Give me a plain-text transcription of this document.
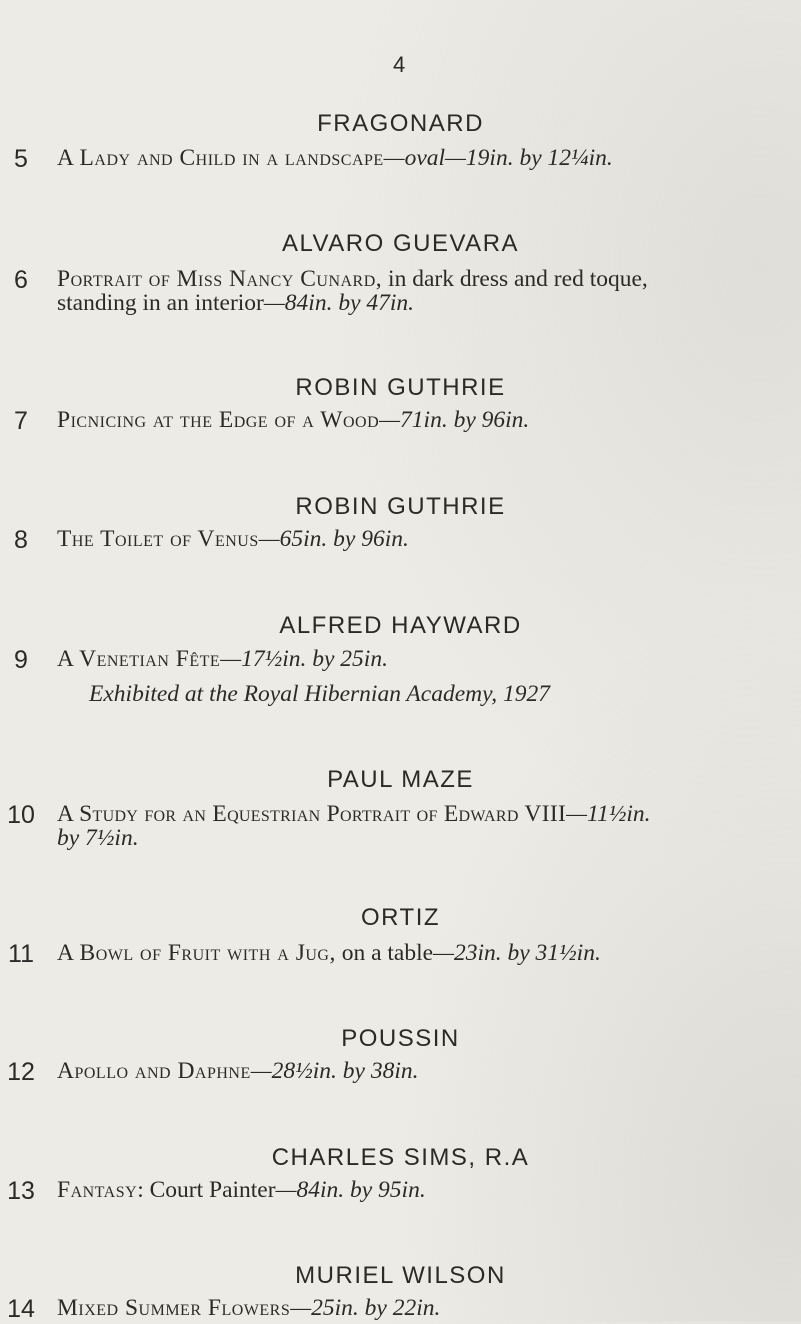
4
FRAGONARD
5	A Lady and Child in a landscape—oval—19in. by 12¼in.
ALVARO GUEVARA
6	Portrait of Miss Nancy Cunard, in dark dress and red toque,
standing in an interior—84in. by 47in.
ROBIN GUTHRIE
7	Picnicing at the Edge of a Wood—71in. by 96in.
ROBIN GUTHRIE
8	The Toilet of Venus—65in. by 96in.
ALFRED HAYWARD
9	A Venetian Fête—17½in. by 25in.
Exhibited at the Royal Hibernian Academy, 1927
PAUL MAZE
10 A Study for an Equestrian Portrait of Edward VIII—11½in.
by 7½in.
ORTIZ
11 A Bowl of Fruit with a Jug, on a table—23in. by 31½in.
POUSSIN
12 Apollo and Daphne—28½in. by 38in.
CHARLES SIMS, R.A
13 Fantasy: Court Painter—84in. by 95in.
MURIEL WILSON
14 Mixed Summer Flowers—25in. by 22in.
